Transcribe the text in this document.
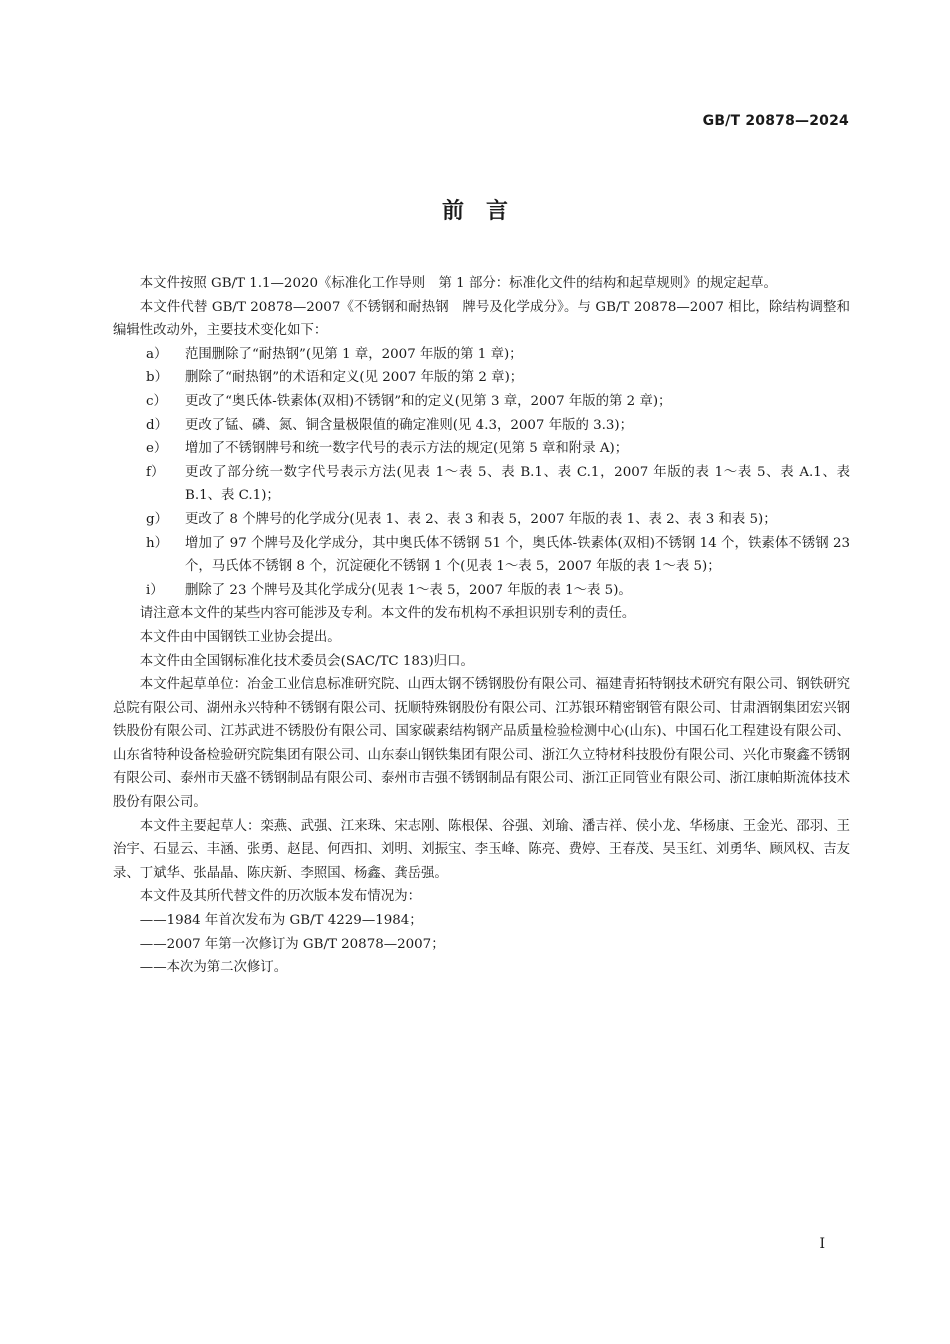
GB/T 20878—2024
前　言

本文件按照 GB/T 1.1—2020《标准化工作导则　第 1 部分：标准化文件的结构和起草规则》的规定起草。

本文件代替 GB/T 20878—2007《不锈钢和耐热钢　牌号及化学成分》。与 GB/T 20878—2007 相比，除结构调整和编辑性改动外，主要技术变化如下：

a）	范围删除了“耐热钢”(见第 1 章，2007 年版的第 1 章)；
b）	删除了“耐热钢”的术语和定义(见 2007 年版的第 2 章)；
c）	更改了“奥氏体-铁素体(双相)不锈钢”和的定义(见第 3 章，2007 年版的第 2 章)；
d）	更改了锰、磷、氮、铜含量极限值的确定准则(见 4.3，2007 年版的 3.3)；
e）	增加了不锈钢牌号和统一数字代号的表示方法的规定(见第 5 章和附录 A)；
f）	更改了部分统一数字代号表示方法(见表 1～表 5、表 B.1、表 C.1，2007 年版的表 1～表 5、表 A.1、表 B.1、表 C.1)；
g）	更改了 8 个牌号的化学成分(见表 1、表 2、表 3 和表 5，2007 年版的表 1、表 2、表 3 和表 5)；
h）	增加了 97 个牌号及化学成分，其中奥氏体不锈钢 51 个，奥氏体-铁素体(双相)不锈钢 14 个，铁素体不锈钢 23 个，马氏体不锈钢 8 个，沉淀硬化不锈钢 1 个(见表 1～表 5，2007 年版的表 1～表 5)；
i）	删除了 23 个牌号及其化学成分(见表 1～表 5，2007 年版的表 1～表 5)。

请注意本文件的某些内容可能涉及专利。本文件的发布机构不承担识别专利的责任。

本文件由中国钢铁工业协会提出。

本文件由全国钢标准化技术委员会(SAC/TC 183)归口。

本文件起草单位：冶金工业信息标准研究院、山西太钢不锈钢股份有限公司、福建青拓特钢技术研究有限公司、钢铁研究总院有限公司、湖州永兴特种不锈钢有限公司、抚顺特殊钢股份有限公司、江苏银环精密钢管有限公司、甘肃酒钢集团宏兴钢铁股份有限公司、江苏武进不锈股份有限公司、国家碳素结构钢产品质量检验检测中心(山东)、中国石化工程建设有限公司、山东省特种设备检验研究院集团有限公司、山东泰山钢铁集团有限公司、浙江久立特材科技股份有限公司、兴化市聚鑫不锈钢有限公司、泰州市天盛不锈钢制品有限公司、泰州市吉强不锈钢制品有限公司、浙江正同管业有限公司、浙江康帕斯流体技术股份有限公司。

本文件主要起草人：栾燕、武强、江来珠、宋志刚、陈根保、谷强、刘瑜、潘吉祥、侯小龙、华杨康、王金光、邵羽、王治宇、石显云、丰涵、张勇、赵昆、何西扣、刘明、刘振宝、李玉峰、陈亮、费婷、王春茂、吴玉红、刘勇华、顾风权、吉友录、丁斌华、张晶晶、陈庆新、李照国、杨鑫、龚岳强。

本文件及其所代替文件的历次版本发布情况为：

——1984 年首次发布为 GB/T 4229—1984；

——2007 年第一次修订为 GB/T 20878—2007；

——本次为第二次修订。

I
